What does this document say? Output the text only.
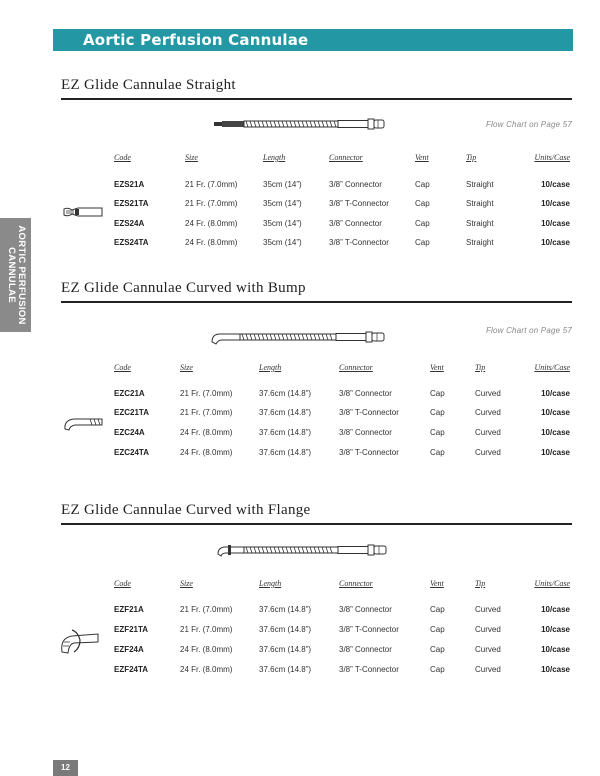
Aortic Perfusion Cannulae
AORTIC PERFUSION
CANNULAE
EZ Glide Cannulae Straight
Flow Chart on Page 57
Code	Size	Length	Connector	Vent	Tip	Units/Case
EZS21A	21 Fr. (7.0mm)	35cm (14”)	3/8” Connector	Cap	Straight	10/case
EZS21TA	21 Fr. (7.0mm)	35cm (14”)	3/8” T-Connector	Cap	Straight	10/case
EZS24A	24 Fr. (8.0mm)	35cm (14”)	3/8” Connector	Cap	Straight	10/case
EZS24TA	24 Fr. (8.0mm)	35cm (14”)	3/8” T-Connector	Cap	Straight	10/case
EZ Glide Cannulae Curved with Bump
Flow Chart on Page 57
Code	Size	Length	Connector	Vent	Tip	Units/Case
EZC21A	21 Fr. (7.0mm)	37.6cm (14.8”)	3/8” Connector	Cap	Curved	10/case
EZC21TA	21 Fr. (7.0mm)	37.6cm (14.8”)	3/8” T-Connector	Cap	Curved	10/case
EZC24A	24 Fr. (8.0mm)	37.6cm (14.8”)	3/8” Connector	Cap	Curved	10/case
EZC24TA	24 Fr. (8.0mm)	37.6cm (14.8”)	3/8” T-Connector	Cap	Curved	10/case
EZ Glide Cannulae Curved with Flange
Code	Size	Length	Connector	Vent	Tip	Units/Case
EZF21A	21 Fr. (7.0mm)	37.6cm (14.8”)	3/8” Connector	Cap	Curved	10/case
EZF21TA	21 Fr. (7.0mm)	37.6cm (14.8”)	3/8” T-Connector	Cap	Curved	10/case
EZF24A	24 Fr. (8.0mm)	37.6cm (14.8”)	3/8” Connector	Cap	Curved	10/case
EZF24TA	24 Fr. (8.0mm)	37.6cm (14.8”)	3/8” T-Connector	Cap	Curved	10/case
12
